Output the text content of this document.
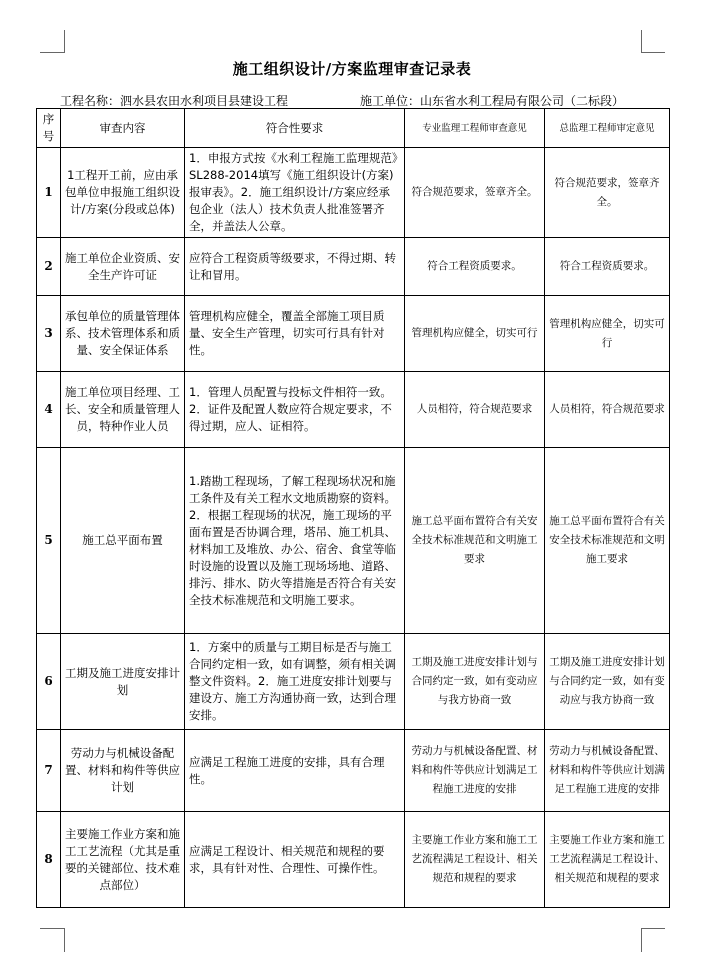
施工组织设计/方案监理审查记录表
工程名称：泗水县农田水利项目县建设工程	施工单位：山东省水利工程局有限公司（二标段）
序号	审查内容	符合性要求	专业监理工程师审查意见	总监理工程师审定意见
1	1工程开工前，应由承包单位申报施工组织设计/方案(分段或总体)	1．申报方式按《水利工程施工监理规范》SL288-2014填写《施工组织设计(方案)报审表》。2．施工组织设计/方案应经承包企业（法人）技术负责人批准签署齐全，并盖法人公章。	符合规范要求，签章齐全。	符合规范要求，签章齐全。
2	施工单位企业资质、安全生产许可证	应符合工程资质等级要求，不得过期、转让和冒用。	符合工程资质要求。	符合工程资质要求。
3	承包单位的质量管理体系、技术管理体系和质量、安全保证体系	管理机构应健全，覆盖全部施工项目质量、安全生产管理，切实可行具有针对性。	管理机构应健全，切实可行	管理机构应健全，切实可行
4	施工单位项目经理、工长、安全和质量管理人员，特种作业人员	1．管理人员配置与投标文件相符一致。
2．证件及配置人数应符合规定要求，不得过期，应人、证相符。	人员相符，符合规范要求	人员相符，符合规范要求
5	施工总平面布置	1.踏勘工程现场，了解工程现场状况和施工条件及有关工程水文地质勘察的资料。
2．根据工程现场的状况，施工现场的平面布置是否协调合理，塔吊、施工机具、材料加工及堆放、办公、宿舍、食堂等临时设施的设置以及施工现场场地、道路、排污、排水、防火等措施是否符合有关安全技术标准规范和文明施工要求。	施工总平面布置符合有关安全技术标准规范和文明施工要求	施工总平面布置符合有关安全技术标准规范和文明施工要求
6	工期及施工进度安排计划	1．方案中的质量与工期目标是否与施工合同约定相一致，如有调整，须有相关调整文件资料。2．施工进度安排计划要与建设方、施工方沟通协商一致，达到合理安排。	工期及施工进度安排计划与合同约定一致，如有变动应与我方协商一致	工期及施工进度安排计划与合同约定一致，如有变动应与我方协商一致
7	劳动力与机械设备配置、材料和构件等供应计划	应满足工程施工进度的安排，具有合理性。	劳动力与机械设备配置、材料和构件等供应计划满足工程施工进度的安排	劳动力与机械设备配置、材料和构件等供应计划满足工程施工进度的安排
8	主要施工作业方案和施工工艺流程（尤其是重要的关键部位、技术难点部位）	应满足工程设计、相关规范和规程的要求，具有针对性、合理性、可操作性。	主要施工作业方案和施工工艺流程满足工程设计、相关规范和规程的要求	主要施工作业方案和施工工艺流程满足工程设计、相关规范和规程的要求
